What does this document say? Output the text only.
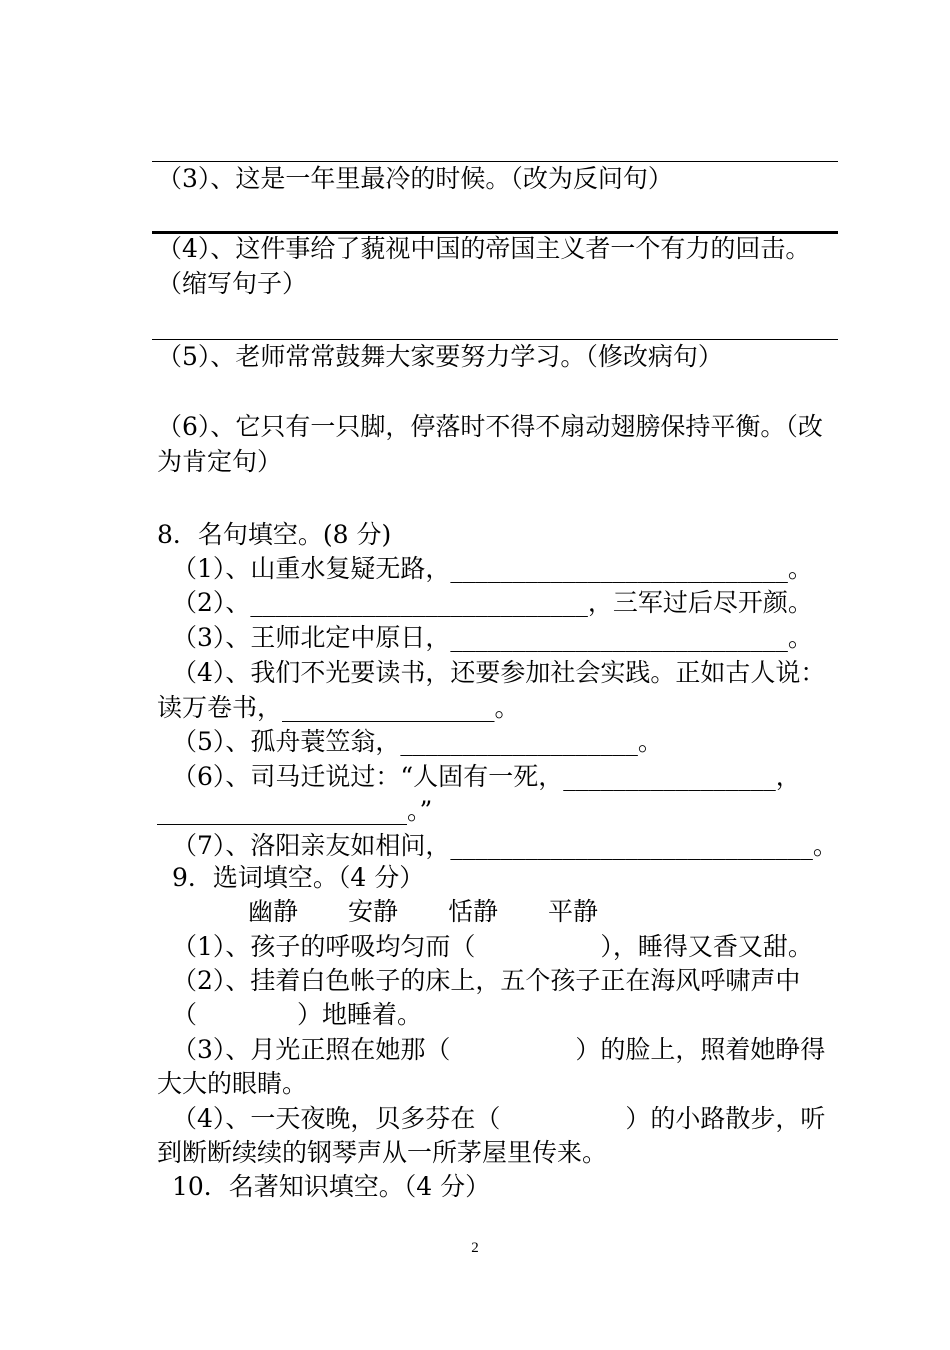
（3）、这是一年里最冷的时候。（改为反问句）
（4）、这件事给了藐视中国的帝国主义者一个有力的回击。
（缩写句子）
（5）、老师常常鼓舞大家要努力学习。（修改病句）
（6）、它只有一只脚，停落时不得不扇动翅膀保持平衡。（改
为肯定句）
8．名句填空。(8 分)
（1）、山重水复疑无路，___________________________。
（2）、___________________________，三军过后尽开颜。
（3）、王师北定中原日，___________________________。
（4）、我们不光要读书，还要参加社会实践。正如古人说：
读万卷书，_________________。
（5）、孤舟蓑笠翁，___________________。
（6）、司马迁说过：“人固有一死，_________________，
____________________。”
（7）、洛阳亲友如相问，_____________________________。
9．选词填空。（4 分）
幽静　　安静　　恬静　　平静
（1）、孩子的呼吸均匀而（　　　　　），睡得又香又甜。
（2）、挂着白色帐子的床上，五个孩子正在海风呼啸声中
（　　　　）地睡着。
（3）、月光正照在她那（　　　　　）的脸上，照着她睁得
大大的眼睛。
（4）、一天夜晚，贝多芬在（　　　　　）的小路散步，听
到断断续续的钢琴声从一所茅屋里传来。
10．名著知识填空。（4 分）
2
